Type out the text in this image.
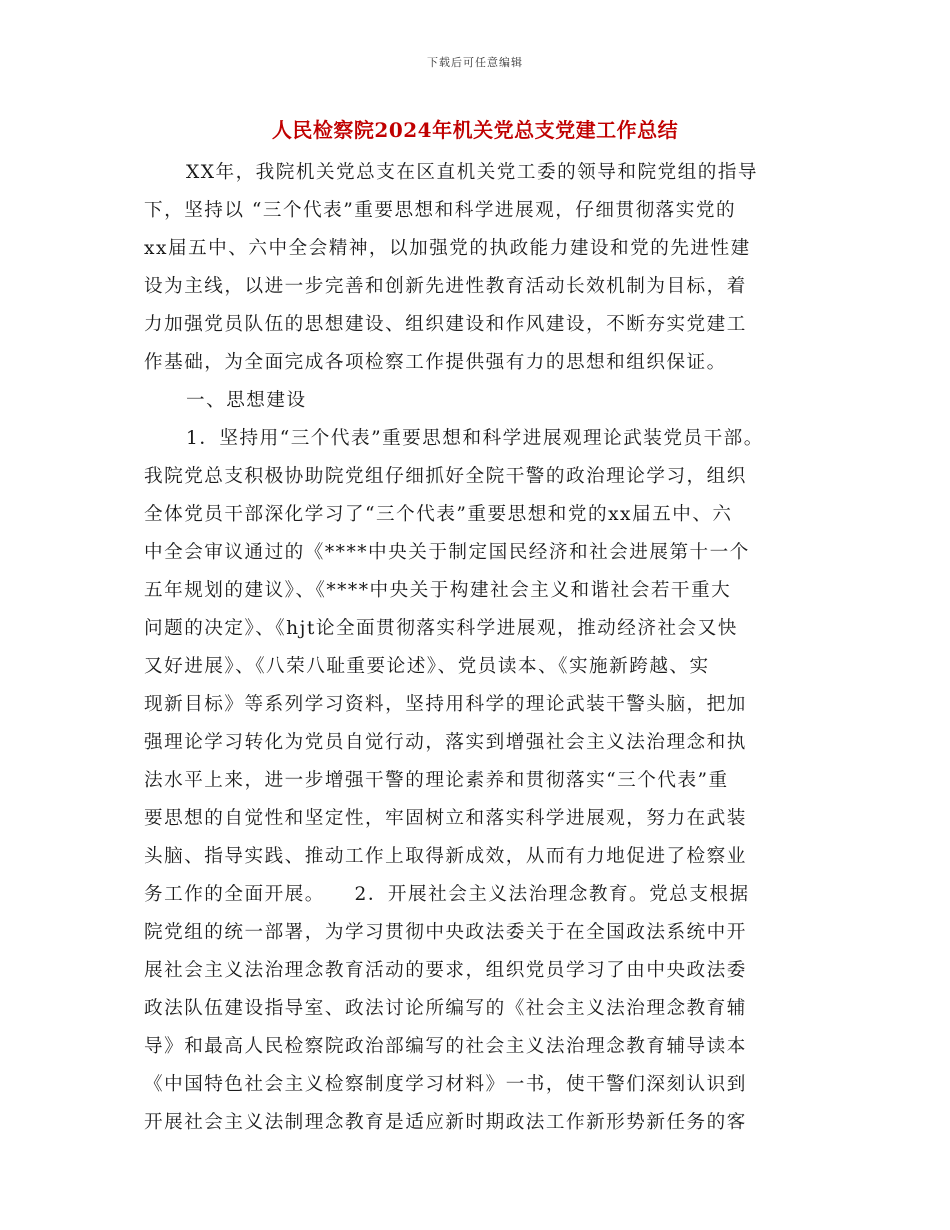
下载后可任意编辑
人民检察院2024年机关党总支党建工作总结
XX年，我院机关党总支在区直机关党工委的领导和院党组的指导
下，坚持以 “三个代表”重要思想和科学进展观，仔细贯彻落实党的
xx届五中、六中全会精神，以加强党的执政能力建设和党的先进性建
设为主线，以进一步完善和创新先进性教育活动长效机制为目标，着
力加强党员队伍的思想建设、组织建设和作风建设，不断夯实党建工
作基础，为全面完成各项检察工作提供强有力的思想和组织保证。
一、思想建设
1．坚持用“三个代表”重要思想和科学进展观理论武装党员干部。
我院党总支积极协助院党组仔细抓好全院干警的政治理论学习，组织
全体党员干部深化学习了“三个代表”重要思想和党的xx届五中、六
中全会审议通过的《****中央关于制定国民经济和社会进展第十一个
五年规划的建议》、《****中央关于构建社会主义和谐社会若干重大
问题的决定》、《hjt论全面贯彻落实科学进展观，推动经济社会又快
又好进展》、《八荣八耻重要论述》、党员读本、《实施新跨越、实
现新目标》等系列学习资料，坚持用科学的理论武装干警头脑，把加
强理论学习转化为党员自觉行动，落实到增强社会主义法治理念和执
法水平上来，进一步增强干警的理论素养和贯彻落实“三个代表”重
要思想的自觉性和坚定性，牢固树立和落实科学进展观，努力在武装
头脑、指导实践、推动工作上取得新成效，从而有力地促进了检察业
务工作的全面开展。    2．开展社会主义法治理念教育。党总支根据
院党组的统一部署，为学习贯彻中央政法委关于在全国政法系统中开
展社会主义法治理念教育活动的要求，组织党员学习了由中央政法委
政法队伍建设指导室、政法讨论所编写的《社会主义法治理念教育辅
导》和最高人民检察院政治部编写的社会主义法治理念教育辅导读本
《中国特色社会主义检察制度学习材料》一书，使干警们深刻认识到
开展社会主义法制理念教育是适应新时期政法工作新形势新任务的客
